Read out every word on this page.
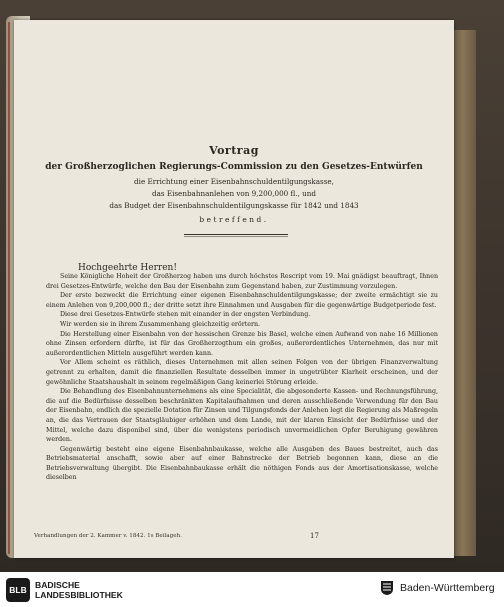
Vortrag
der Großherzoglichen Regierungs-Commission zu den Gesetzes-Entwürfen
die Errichtung einer Eisenbahnschuldentilgungskasse,
das Eisenbahnanlehen von 9,200,000 fl., und
das Budget der Eisenbahnschuldentilgungskasse für 1842 und 1843
betreffend.
Hochgeehrte Herren!

Seine Königliche Hoheit der Großherzog haben uns durch höchstes Rescript vom 19. Mai gnädigst beauftragt, Ihnen drei Gesetzes-Entwürfe, welche den Bau der Eisenbahn zum Gegenstand haben, zur Zustimmung vorzulegen.

Der erste bezweckt die Errichtung einer eigenen Eisenbahnschuldentilgungskasse; der zweite ermächtigt sie zu einem Anlehen von 9,200,000 fl.; der dritte setzt ihre Einnahmen und Ausgaben für die gegenwärtige Budgetperiode fest.

Diese drei Gesetzes-Entwürfe stehen mit einander in der engsten Verbindung.

Wir werden sie in ihrem Zusammenhang gleichzeitig erörtern.

Die Herstellung einer Eisenbahn von der hessischen Grenze bis Basel, welche einen Aufwand von nahe 16 Millionen ohne Zinsen erfordern dürfte, ist für das Großherzogthum ein großes, außerordentliches Unternehmen, das nur mit außerordentlichen Mitteln ausgeführt werden kann.

Vor Allem scheint es räthlich, dieses Unternehmen mit allen seinen Folgen von der übrigen Finanzverwaltung getrennt zu erhalten, damit die finanziellen Resultate desselben immer in ungetrübter Klarheit erscheinen, und der gewöhnliche Staatshaushalt in seinem regelmäßigen Gang keinerlei Störung erleide.

Die Behandlung des Eisenbahnunternehmens als eine Specialität, die abgesonderte Kassen- und Rechnungsführung, die auf die Bedürfnisse desselben beschränkten Kapitalaufnahmen und deren ausschließende Verwendung für den Bau der Eisenbahn, endlich die spezielle Dotation für Zinsen und Tilgungsfonds der Anlehen legt die Regierung als Maßregeln an, die das Vertrauen der Staatsgläubiger erhöhen und dem Lande, mit der klaren Einsicht der Bedürfnisse und der Mittel, welche dazu disponibel sind, über die wenigstens periodisch unvermeidlichen Opfer Beruhigung gewähren werden.

Gegenwärtig besteht eine eigene Eisenbahnbaukasse, welche alle Ausgaben des Baues bestreitet, auch das Betriebsmaterial anschafft, sowie aber auf einer Bahnstrecke der Betrieb begonnen kann, diese an die Betriebsverwaltung übergibt. Die Eisenbahnbaukasse erhält die nöthigen Fonds aus der Amortisationskasse, welche dieselben

Verhandlungen der 2. Kammer v. 1842. 1s Beilageh.	17
BLB BADISCHE
LANDESBIBLIOTHEK
Baden-Württemberg
